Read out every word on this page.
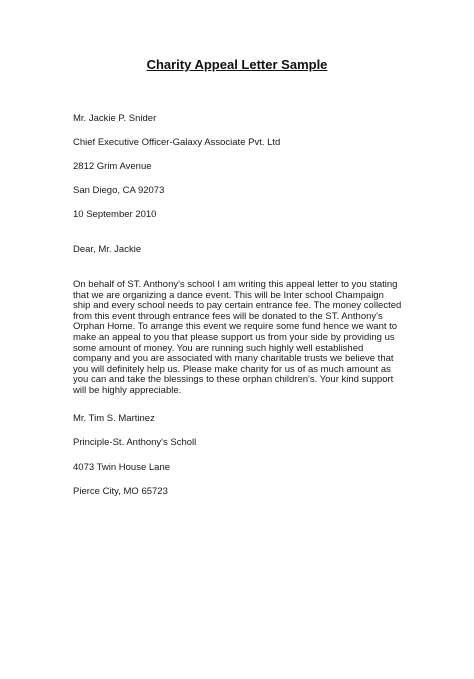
Charity Appeal Letter Sample
Mr. Jackie P. Snider
Chief Executive Officer-Galaxy Associate Pvt. Ltd
2812 Grim Avenue
San Diego, CA 92073
10 September 2010
Dear, Mr. Jackie
On behalf of ST. Anthony's school I am writing this appeal letter to you stating
that we are organizing a dance event. This will be Inter school Champaign
ship and every school needs to pay certain entrance fee. The money collected
from this event through entrance fees will be donated to the ST. Anthony's
Orphan Home. To arrange this event we require some fund hence we want to
make an appeal to you that please support us from your side by providing us
some amount of money. You are running such highly well established
company and you are associated with many charitable trusts we believe that
you will definitely help us. Please make charity for us of as much amount as
you can and take the blessings to these orphan children's. Your kind support
will be highly appreciable.
Mr. Tim S. Martinez
Principle-St. Anthony's Scholl
4073 Twin House Lane
Pierce City, MO 65723
